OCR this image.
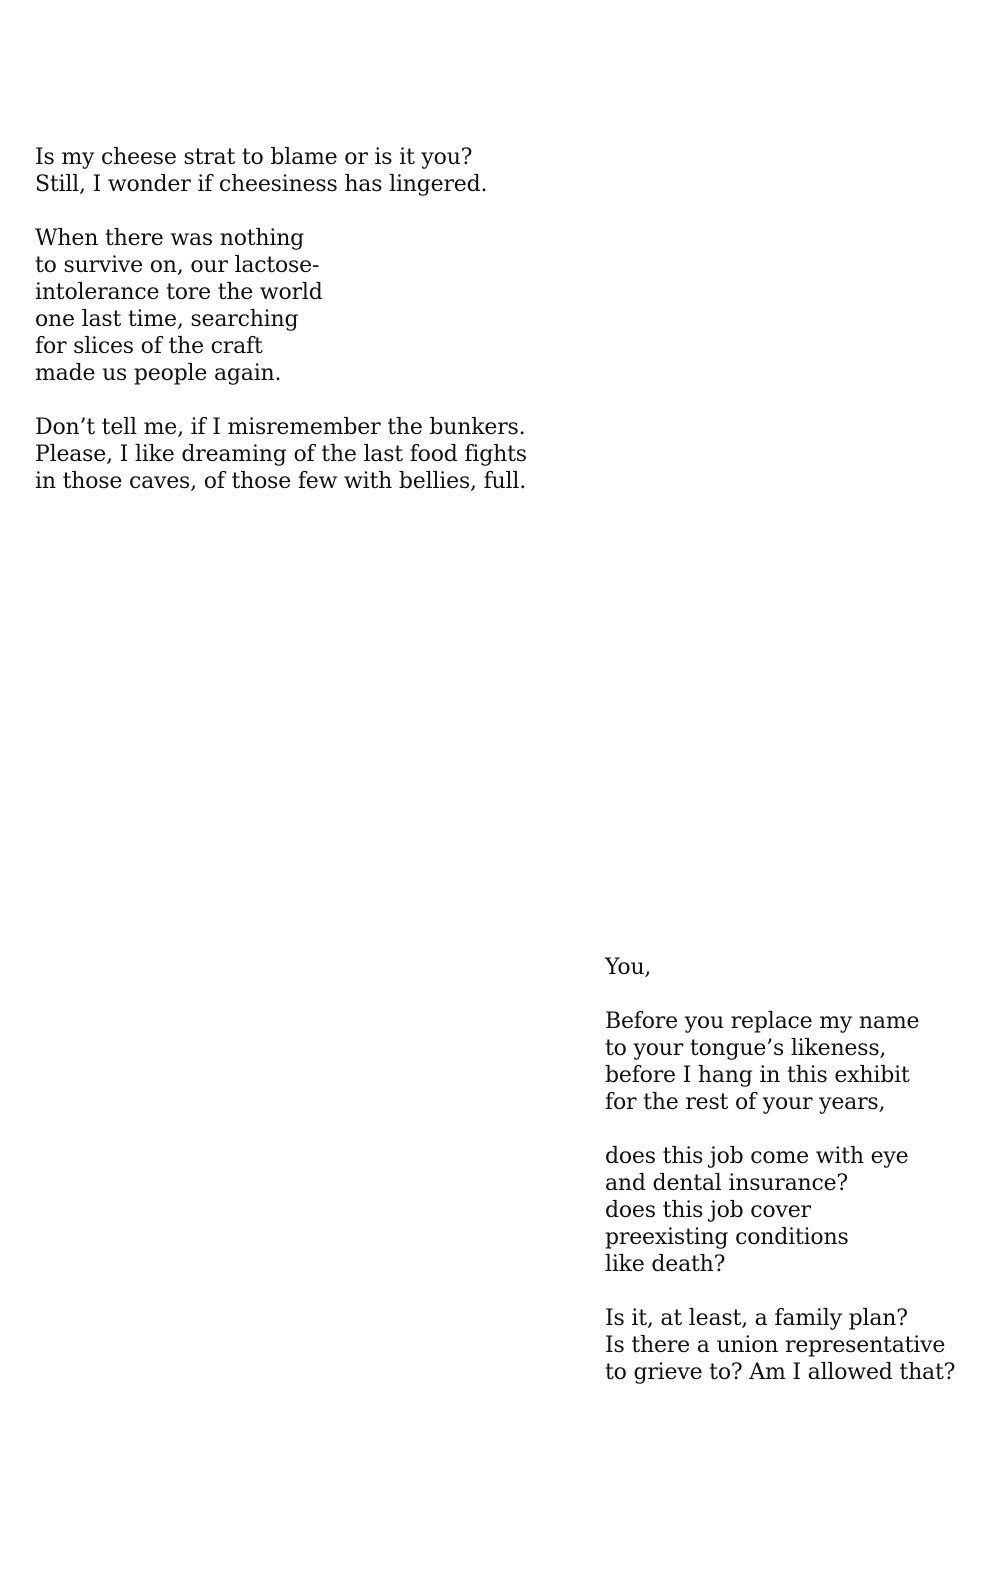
Is my cheese strat to blame or is it you?
Still, I wonder if cheesiness has lingered.
When there was nothing
to survive on, our lactose-
intolerance tore the world
one last time, searching
for slices of the craft
made us people again.
Don’t tell me, if I misremember the bunkers.
Please, I like dreaming of the last food fights
in those caves, of those few with bellies, full.
You,
Before you replace my name
to your tongue’s likeness,
before I hang in this exhibit
for the rest of your years,
does this job come with eye
and dental insurance?
does this job cover
preexisting conditions
like death?
Is it, at least, a family plan?
Is there a union representative
to grieve to? Am I allowed that?
